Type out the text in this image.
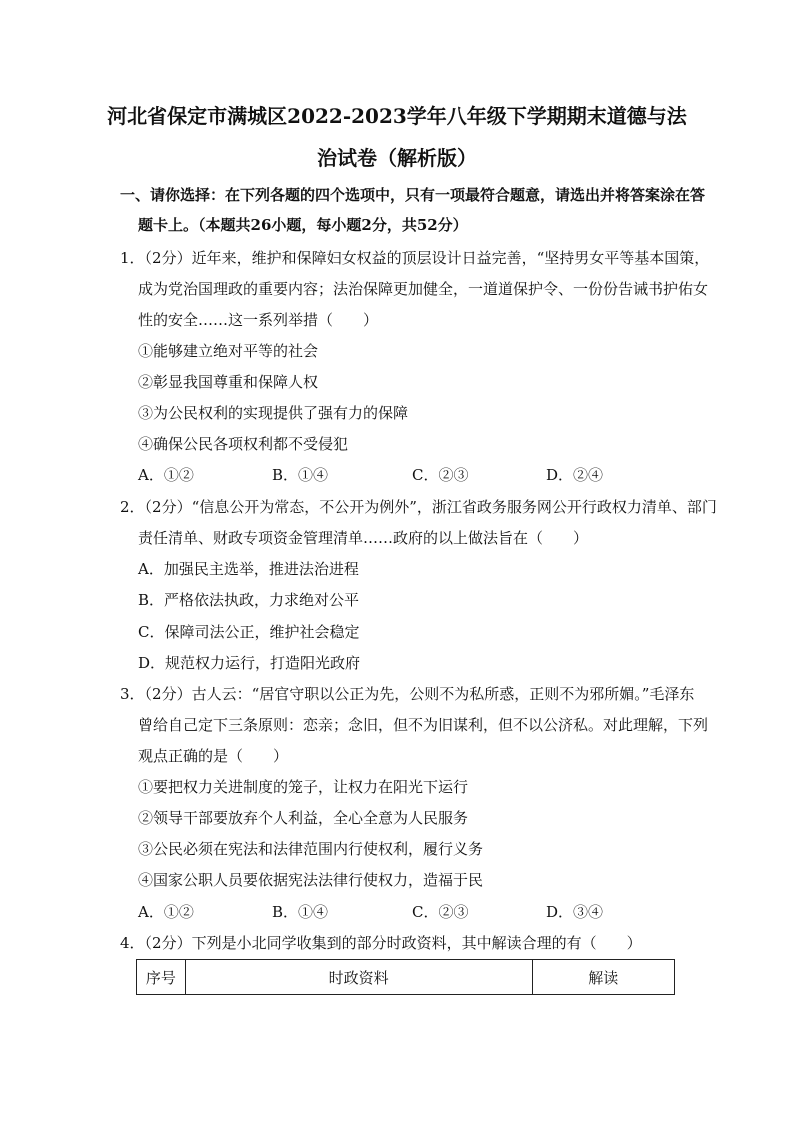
河北省保定市满城区2022-2023学年八年级下学期期末道德与法
治试卷（解析版）
一、请你选择：在下列各题的四个选项中，只有一项最符合题意，请选出并将答案涂在答
题卡上。（本题共26小题，每小题2分，共52分）
1．（2分）近年来，维护和保障妇女权益的顶层设计日益完善，“坚持男女平等基本国策，
成为党治国理政的重要内容；法治保障更加健全，一道道保护令、一份份告诫书护佑女
性的安全……这一系列举措（　　）
①能够建立绝对平等的社会
②彰显我国尊重和保障人权
③为公民权利的实现提供了强有力的保障
④确保公民各项权利都不受侵犯
A．①②	B．①④	C．②③	D．②④
2．（2分）“信息公开为常态，不公开为例外”，浙江省政务服务网公开行政权力清单、部门
责任清单、财政专项资金管理清单……政府的以上做法旨在（　　）
A．加强民主选举，推进法治进程
B．严格依法执政，力求绝对公平
C．保障司法公正，维护社会稳定
D．规范权力运行，打造阳光政府
3．（2分）古人云：“居官守职以公正为先，公则不为私所惑，正则不为邪所媚。”毛泽东
曾给自己定下三条原则：恋亲；念旧，但不为旧谋利，但不以公济私。对此理解，下列
观点正确的是（　　）
①要把权力关进制度的笼子，让权力在阳光下运行
②领导干部要放弃个人利益，全心全意为人民服务
③公民必须在宪法和法律范围内行使权利，履行义务
④国家公职人员要依据宪法法律行使权力，造福于民
A．①②	B．①④	C．②③	D．③④
4．（2分）下列是小北同学收集到的部分时政资料，其中解读合理的有（　　）
序号	时政资料	解读
